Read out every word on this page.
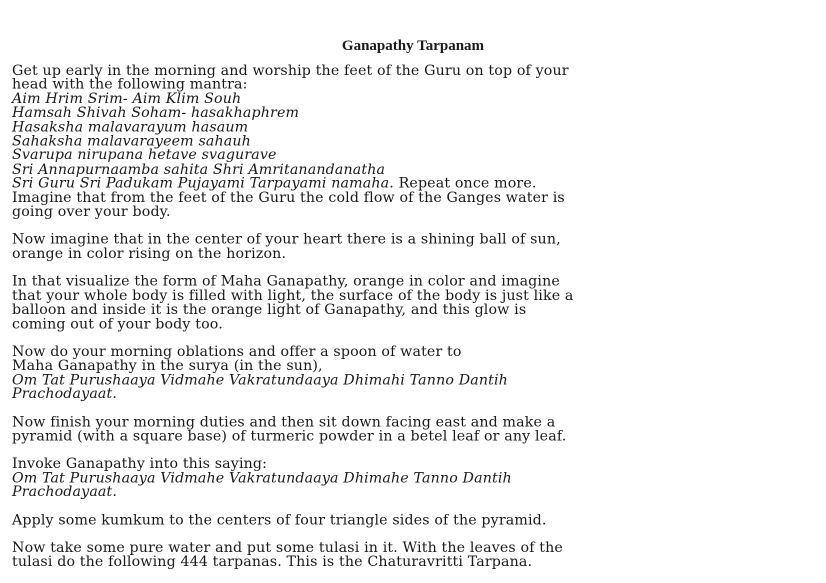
Ganapathy Tarpanam
Get up early in the morning and worship the feet of the Guru on top of your
head with the following mantra:
Aim Hrim Srim- Aim Klim Souh
Hamsah Shivah Soham- hasakhaphrem
Hasaksha malavarayum hasaum
Sahaksha malavarayeem sahauh
Svarupa nirupana hetave svagurave
Sri Annapurnaamba sahita Shri Amritanandanatha
Sri Guru Sri Padukam Pujayami Tarpayami namaha. Repeat once more.
Imagine that from the feet of the Guru the cold flow of the Ganges water is
going over your body.
Now imagine that in the center of your heart there is a shining ball of sun,
orange in color rising on the horizon.
In that visualize the form of Maha Ganapathy, orange in color and imagine
that your whole body is filled with light, the surface of the body is just like a
balloon and inside it is the orange light of Ganapathy, and this glow is
coming out of your body too.
Now do your morning oblations and offer a spoon of water to
Maha Ganapathy in the surya (in the sun),
Om Tat Purushaaya Vidmahe Vakratundaaya Dhimahi Tanno Dantih
Prachodayaat.
Now finish your morning duties and then sit down facing east and make a
pyramid (with a square base) of turmeric powder in a betel leaf or any leaf.
Invoke Ganapathy into this saying:
Om Tat Purushaaya Vidmahe Vakratundaaya Dhimahe Tanno Dantih
Prachodayaat.
Apply some kumkum to the centers of four triangle sides of the pyramid.
Now take some pure water and put some tulasi in it. With the leaves of the
tulasi do the following 444 tarpanas. This is the Chaturavritti Tarpana.
